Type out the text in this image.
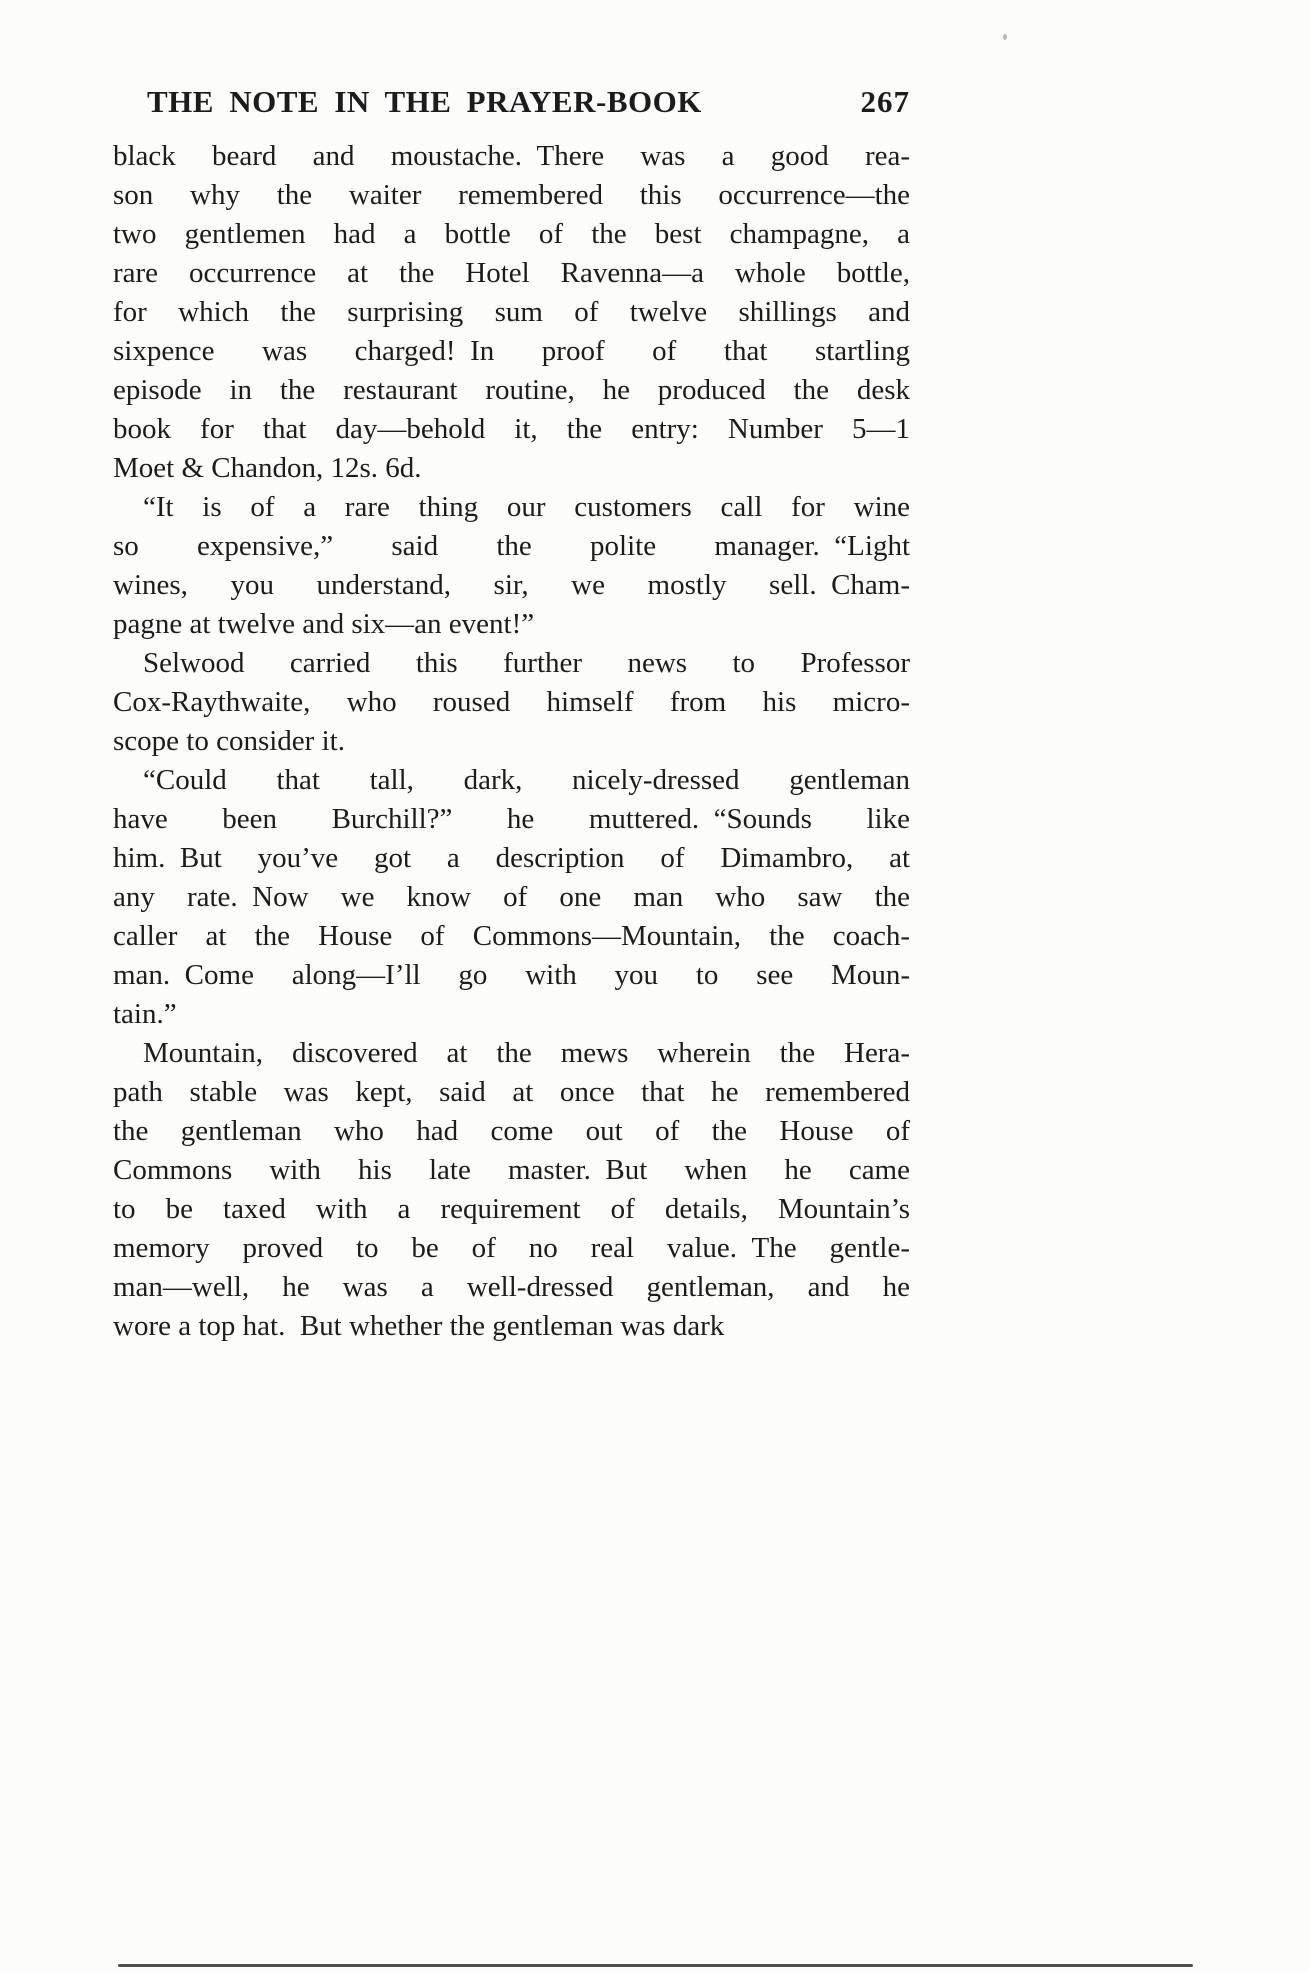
THE NOTE IN THE PRAYER-BOOK	267
black beard and moustache. There was a good rea-
son why the waiter remembered this occurrence—the
two gentlemen had a bottle of the best champagne, a
rare occurrence at the Hotel Ravenna—a whole bottle,
for which the surprising sum of twelve shillings and
sixpence was charged! In proof of that startling
episode in the restaurant routine, he produced the desk
book for that day—behold it, the entry: Number 5—1
Moet & Chandon, 12s. 6d.
“It is of a rare thing our customers call for wine
so expensive,” said the polite manager. “Light
wines, you understand, sir, we mostly sell. Cham-
pagne at twelve and six—an event!”
Selwood carried this further news to Professor
Cox-Raythwaite, who roused himself from his micro-
scope to consider it.
“Could that tall, dark, nicely-dressed gentleman
have been Burchill?” he muttered. “Sounds like
him. But you’ve got a description of Dimambro, at
any rate. Now we know of one man who saw the
caller at the House of Commons—Mountain, the coach-
man. Come along—I’ll go with you to see Moun-
tain.”
Mountain, discovered at the mews wherein the Hera-
path stable was kept, said at once that he remembered
the gentleman who had come out of the House of
Commons with his late master. But when he came
to be taxed with a requirement of details, Mountain’s
memory proved to be of no real value. The gentle-
man—well, he was a well-dressed gentleman, and he
wore a top hat. But whether the gentleman was dark
